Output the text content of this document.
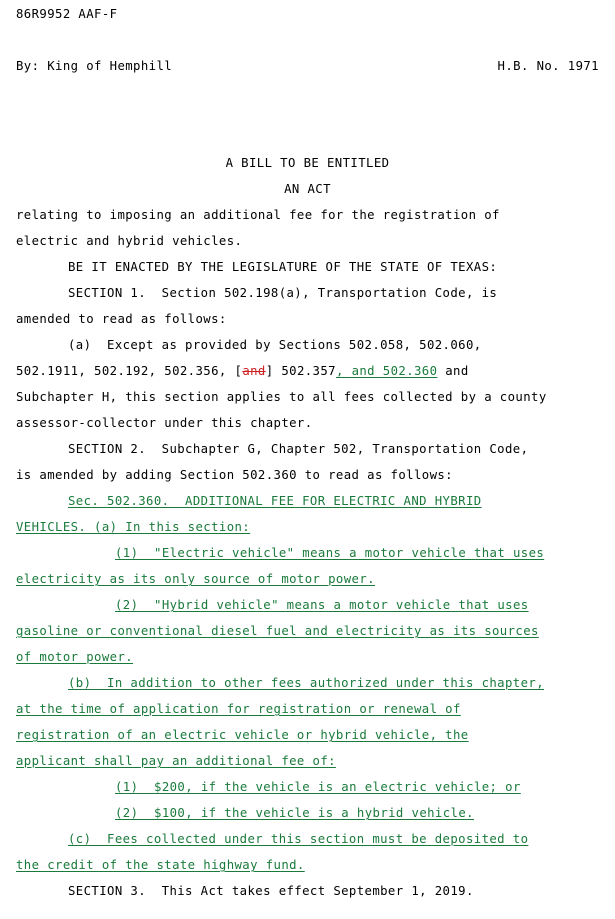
86R9952 AAF-F
By: King of Hemphill	H.B. No. 1971
A BILL TO BE ENTITLED
AN ACT
relating to imposing an additional fee for the registration of
electric and hybrid vehicles.
BE IT ENACTED BY THE LEGISLATURE OF THE STATE OF TEXAS:
SECTION 1.  Section 502.198(a), Transportation Code, is
amended to read as follows:
(a)  Except as provided by Sections 502.058, 502.060,
502.1911, 502.192, 502.356, [and] 502.357, and 502.360 and
Subchapter H, this section applies to all fees collected by a county
assessor-collector under this chapter.
SECTION 2.  Subchapter G, Chapter 502, Transportation Code,
is amended by adding Section 502.360 to read as follows:
Sec. 502.360.  ADDITIONAL FEE FOR ELECTRIC AND HYBRID
VEHICLES. (a) In this section:
(1)  "Electric vehicle" means a motor vehicle that uses
electricity as its only source of motor power.
(2)  "Hybrid vehicle" means a motor vehicle that uses
gasoline or conventional diesel fuel and electricity as its sources
of motor power.
(b)  In addition to other fees authorized under this chapter,
at the time of application for registration or renewal of
registration of an electric vehicle or hybrid vehicle, the
applicant shall pay an additional fee of:
(1)  $200, if the vehicle is an electric vehicle; or
(2)  $100, if the vehicle is a hybrid vehicle.
(c)  Fees collected under this section must be deposited to
the credit of the state highway fund.
SECTION 3.  This Act takes effect September 1, 2019.
